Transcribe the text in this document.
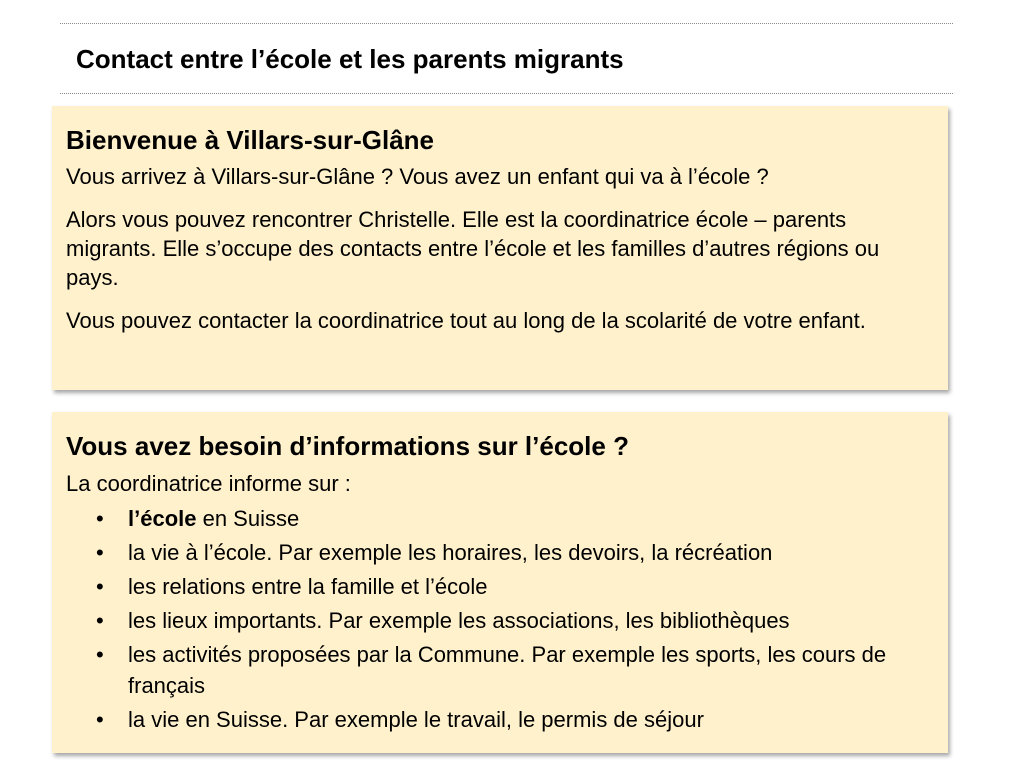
Contact entre l’école et les parents migrants
Bienvenue à Villars-sur-Glâne

Vous arrivez à Villars-sur-Glâne ? Vous avez un enfant qui va à l’école ?

Alors vous pouvez rencontrer Christelle. Elle est la coordinatrice école – parents migrants. Elle s’occupe des contacts entre l’école et les familles d’autres régions ou pays.

Vous pouvez contacter la coordinatrice tout au long de la scolarité de votre enfant.

Vous avez besoin d’informations sur l’école ?

La coordinatrice informe sur :

• l’école en Suisse
• la vie à l’école. Par exemple les horaires, les devoirs, la récréation
• les relations entre la famille et l’école
• les lieux importants. Par exemple les associations, les bibliothèques
• les activités proposées par la Commune. Par exemple les sports, les cours de français
• la vie en Suisse. Par exemple le travail, le permis de séjour
